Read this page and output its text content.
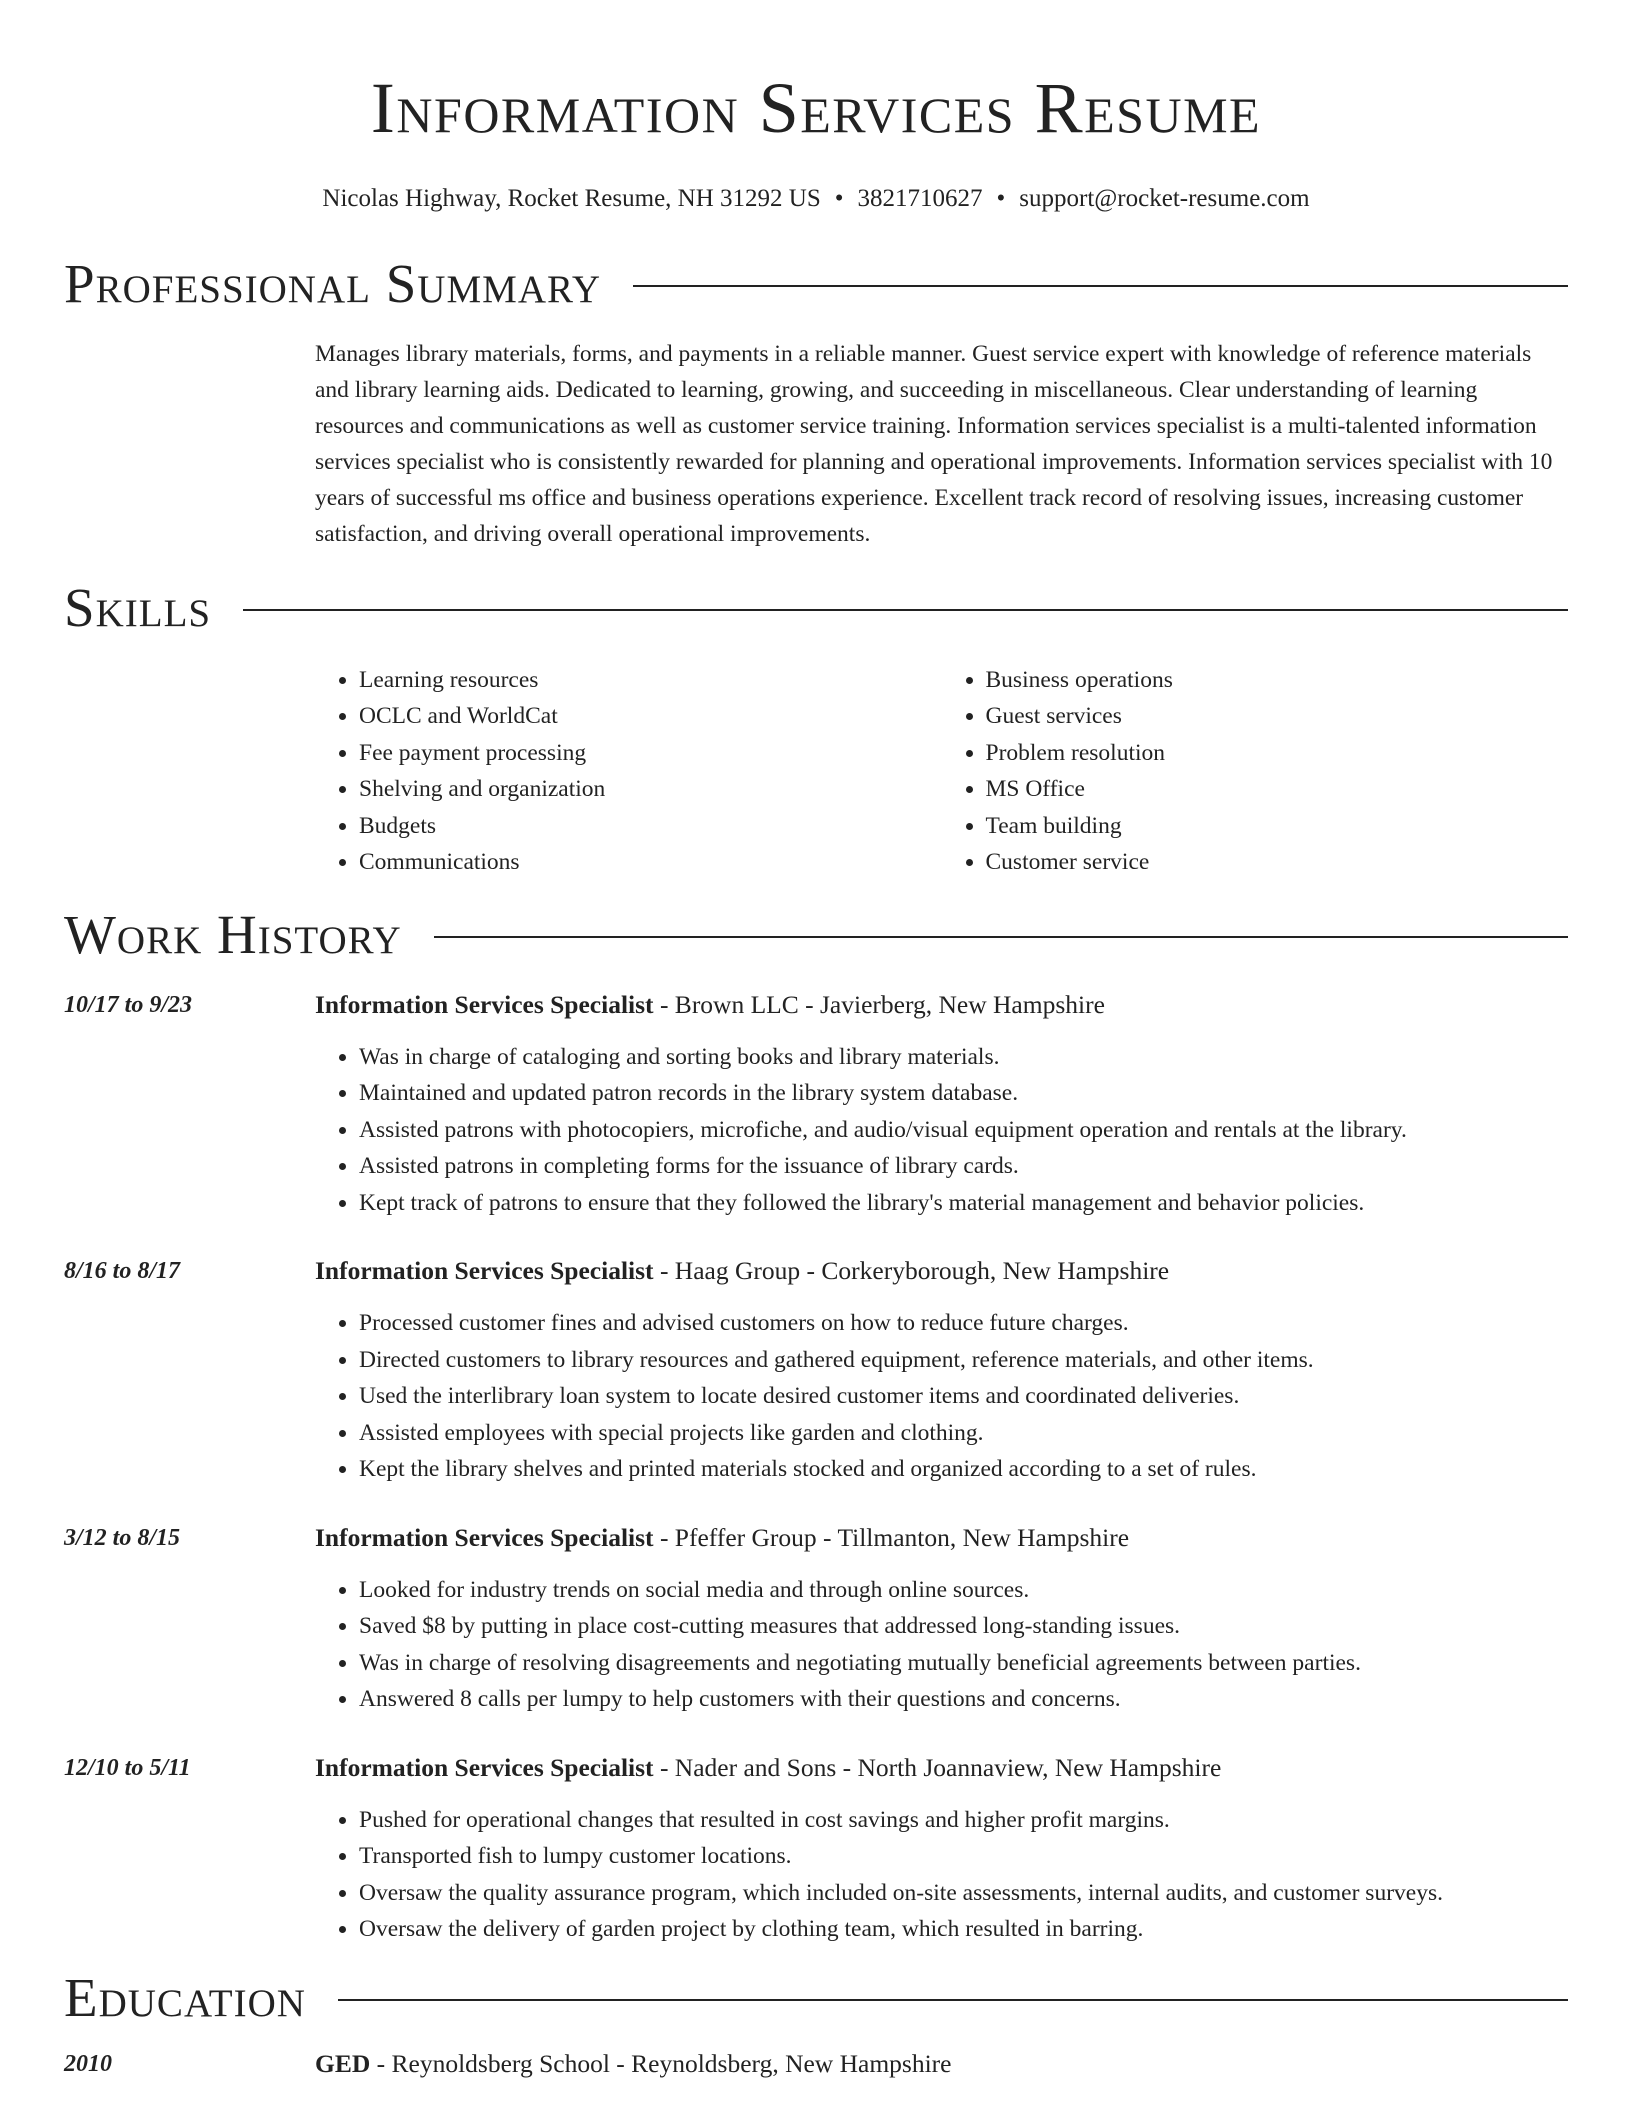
Information Services Resume
Nicolas Highway, Rocket Resume, NH 31292 US • 3821710627 • support@rocket-resume.com
Professional Summary

Manages library materials, forms, and payments in a reliable manner. Guest service expert with knowledge of reference materials and library learning aids. Dedicated to learning, growing, and succeeding in miscellaneous. Clear understanding of learning resources and communications as well as customer service training. Information services specialist is a multi-talented information services specialist who is consistently rewarded for planning and operational improvements. Information services specialist with 10 years of successful ms office and business operations experience. Excellent track record of resolving issues, increasing customer satisfaction, and driving overall operational improvements.

Skills
• Learning resources
• OCLC and WorldCat
• Fee payment processing
• Shelving and organization
• Budgets
• Communications
• Business operations
• Guest services
• Problem resolution
• MS Office
• Team building
• Customer service
Work History
10/17 to 9/23	Information Services Specialist - Brown LLC - Javierberg, New Hampshire
• Was in charge of cataloging and sorting books and library materials.
• Maintained and updated patron records in the library system database.
• Assisted patrons with photocopiers, microfiche, and audio/visual equipment operation and rentals at the library.
• Assisted patrons in completing forms for the issuance of library cards.
• Kept track of patrons to ensure that they followed the library's material management and behavior policies.
8/16 to 8/17	Information Services Specialist - Haag Group - Corkeryborough, New Hampshire
• Processed customer fines and advised customers on how to reduce future charges.
• Directed customers to library resources and gathered equipment, reference materials, and other items.
• Used the interlibrary loan system to locate desired customer items and coordinated deliveries.
• Assisted employees with special projects like garden and clothing.
• Kept the library shelves and printed materials stocked and organized according to a set of rules.
3/12 to 8/15	Information Services Specialist - Pfeffer Group - Tillmanton, New Hampshire
• Looked for industry trends on social media and through online sources.
• Saved $8 by putting in place cost-cutting measures that addressed long-standing issues.
• Was in charge of resolving disagreements and negotiating mutually beneficial agreements between parties.
• Answered 8 calls per lumpy to help customers with their questions and concerns.
12/10 to 5/11	Information Services Specialist - Nader and Sons - North Joannaview, New Hampshire
• Pushed for operational changes that resulted in cost savings and higher profit margins.
• Transported fish to lumpy customer locations.
• Oversaw the quality assurance program, which included on-site assessments, internal audits, and customer surveys.
• Oversaw the delivery of garden project by clothing team, which resulted in barring.
Education
2010	GED - Reynoldsberg School - Reynoldsberg, New Hampshire
